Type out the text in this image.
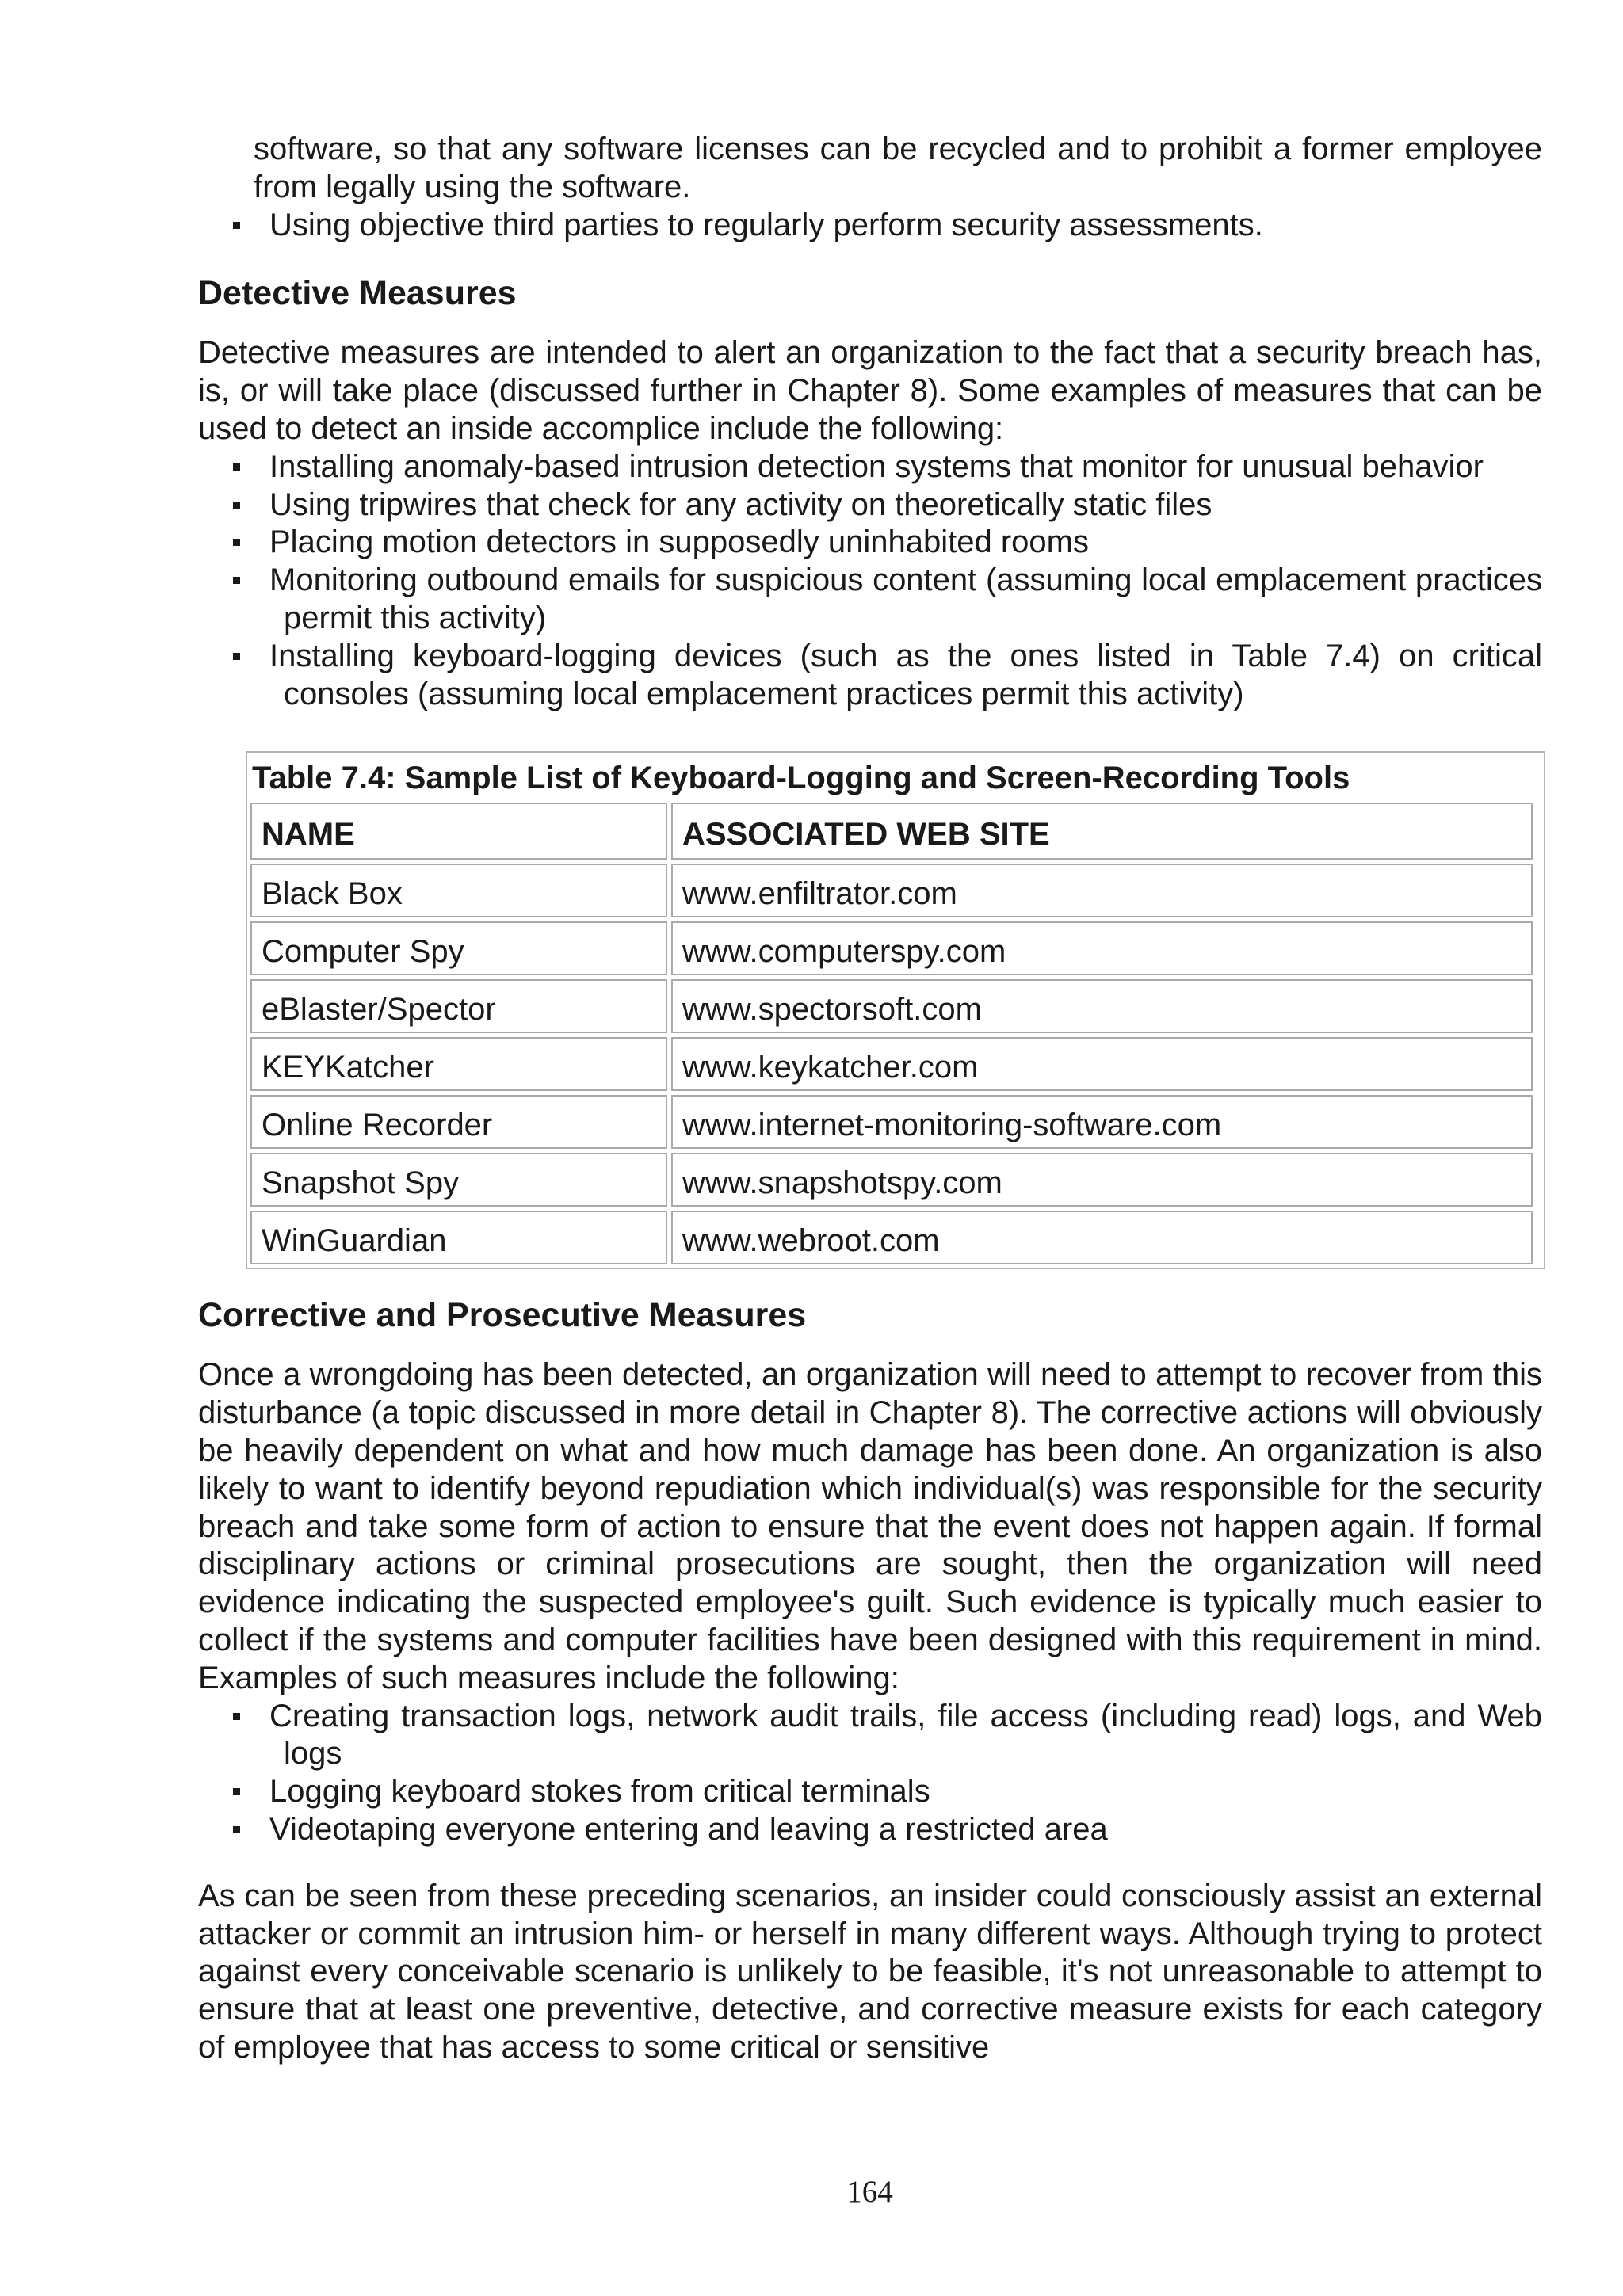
software, so that any software licenses can be recycled and to prohibit a former employee from legally using the software.
Using objective third parties to regularly perform security assessments.
Detective Measures

Detective measures are intended to alert an organization to the fact that a security breach has, is, or will take place (discussed further in Chapter 8). Some examples of measures that can be used to detect an inside accomplice include the following:

Installing anomaly-based intrusion detection systems that monitor for unusual behavior
Using tripwires that check for any activity on theoretically static files
Placing motion detectors in supposedly uninhabited rooms
Monitoring outbound emails for suspicious content (assuming local emplacement practices permit this activity)
Installing keyboard-logging devices (such as the ones listed in Table 7.4) on critical consoles (assuming local emplacement practices permit this activity)
Table 7.4: Sample List of Keyboard-Logging and Screen-Recording Tools
NAME	ASSOCIATED WEB SITE
Black Box	www.enfiltrator.com
Computer Spy	www.computerspy.com
eBlaster/Spector	www.spectorsoft.com
KEYKatcher	www.keykatcher.com
Online Recorder	www.internet-monitoring-software.com
Snapshot Spy	www.snapshotspy.com
WinGuardian	www.webroot.com
Corrective and Prosecutive Measures

Once a wrongdoing has been detected, an organization will need to attempt to recover from this disturbance (a topic discussed in more detail in Chapter 8). The corrective actions will obviously be heavily dependent on what and how much damage has been done. An organization is also likely to want to identify beyond repudiation which individual(s) was responsible for the security breach and take some form of action to ensure that the event does not happen again. If formal disciplinary actions or criminal prosecutions are sought, then the organization will need evidence indicating the suspected employee's guilt. Such evidence is typically much easier to collect if the systems and computer facilities have been designed with this requirement in mind. Examples of such measures include the following:

Creating transaction logs, network audit trails, file access (including read) logs, and Web logs
Logging keyboard stokes from critical terminals
Videotaping everyone entering and leaving a restricted area

As can be seen from these preceding scenarios, an insider could consciously assist an external attacker or commit an intrusion him- or herself in many different ways. Although trying to protect against every conceivable scenario is unlikely to be feasible, it's not unreasonable to attempt to ensure that at least one preventive, detective, and corrective measure exists for each category of employee that has access to some critical or sensitive

164
